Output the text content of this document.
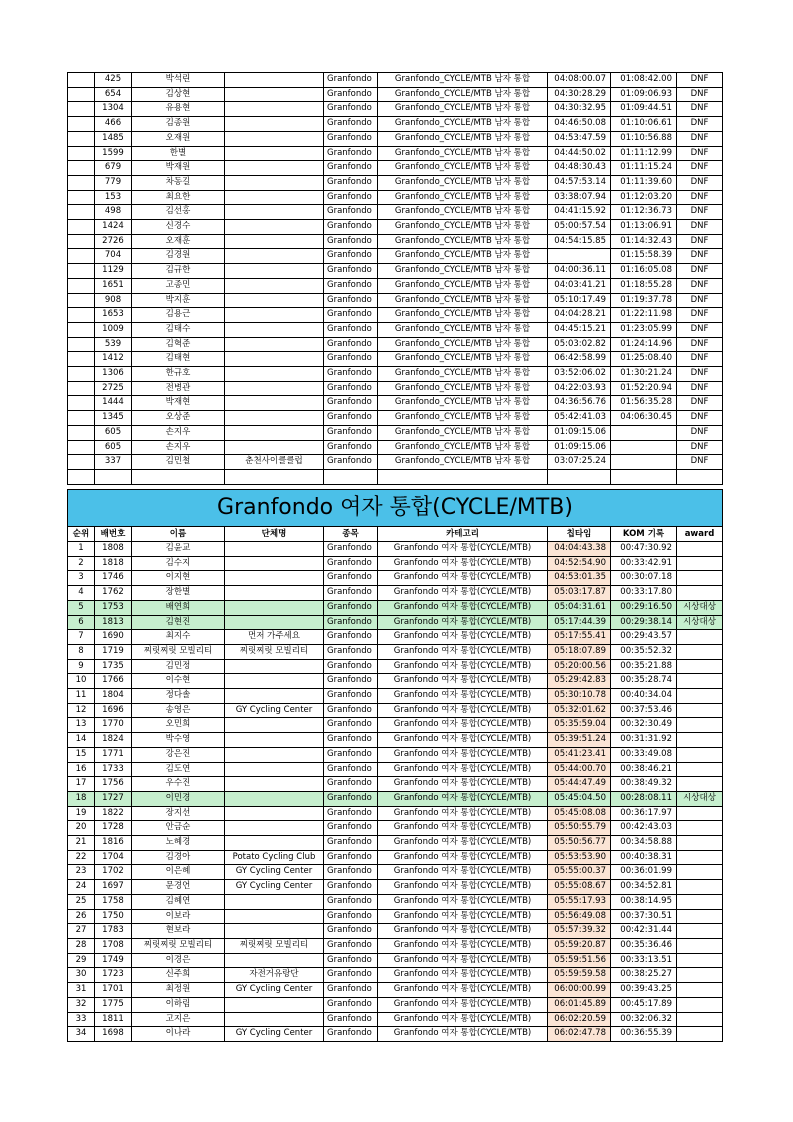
	425	박석린		Granfondo	Granfondo_CYCLE/MTB 남자 통합	04:08:00.07	01:08:42.00	DNF
	654	김상현		Granfondo	Granfondo_CYCLE/MTB 남자 통합	04:30:28.29	01:09:06.93	DNF
	1304	유용현		Granfondo	Granfondo_CYCLE/MTB 남자 통합	04:30:32.95	01:09:44.51	DNF
	466	김종원		Granfondo	Granfondo_CYCLE/MTB 남자 통합	04:46:50.08	01:10:06.61	DNF
	1485	오재원		Granfondo	Granfondo_CYCLE/MTB 남자 통합	04:53:47.59	01:10:56.88	DNF
	1599	한별		Granfondo	Granfondo_CYCLE/MTB 남자 통합	04:44:50.02	01:11:12.99	DNF
	679	박재원		Granfondo	Granfondo_CYCLE/MTB 남자 통합	04:48:30.43	01:11:15.24	DNF
	779	차동길		Granfondo	Granfondo_CYCLE/MTB 남자 통합	04:57:53.14	01:11:39.60	DNF
	153	최요한		Granfondo	Granfondo_CYCLE/MTB 남자 통합	03:38:07.94	01:12:03.20	DNF
	498	김선홍		Granfondo	Granfondo_CYCLE/MTB 남자 통합	04:41:15.92	01:12:36.73	DNF
	1424	신경수		Granfondo	Granfondo_CYCLE/MTB 남자 통합	05:00:57.54	01:13:06.91	DNF
	2726	오재훈		Granfondo	Granfondo_CYCLE/MTB 남자 통합	04:54:15.85	01:14:32.43	DNF
	704	김경원		Granfondo	Granfondo_CYCLE/MTB 남자 통합		01:15:58.39	DNF
	1129	김규한		Granfondo	Granfondo_CYCLE/MTB 남자 통합	04:00:36.11	01:16:05.08	DNF
	1651	고종민		Granfondo	Granfondo_CYCLE/MTB 남자 통합	04:03:41.21	01:18:55.28	DNF
	908	박지훈		Granfondo	Granfondo_CYCLE/MTB 남자 통합	05:10:17.49	01:19:37.78	DNF
	1653	김용근		Granfondo	Granfondo_CYCLE/MTB 남자 통합	04:04:28.21	01:22:11.98	DNF
	1009	김태수		Granfondo	Granfondo_CYCLE/MTB 남자 통합	04:45:15.21	01:23:05.99	DNF
	539	김혁준		Granfondo	Granfondo_CYCLE/MTB 남자 통합	05:03:02.82	01:24:14.96	DNF
	1412	김태현		Granfondo	Granfondo_CYCLE/MTB 남자 통합	06:42:58.99	01:25:08.40	DNF
	1306	한규호		Granfondo	Granfondo_CYCLE/MTB 남자 통합	03:52:06.02	01:30:21.24	DNF
	2725	전병관		Granfondo	Granfondo_CYCLE/MTB 남자 통합	04:22:03.93	01:52:20.94	DNF
	1444	박재현		Granfondo	Granfondo_CYCLE/MTB 남자 통합	04:36:56.76	01:56:35.28	DNF
	1345	오상준		Granfondo	Granfondo_CYCLE/MTB 남자 통합	05:42:41.03	04:06:30.45	DNF
	605	손지우		Granfondo	Granfondo_CYCLE/MTB 남자 통합	01:09:15.06		DNF
	605	손지우		Granfondo	Granfondo_CYCLE/MTB 남자 통합	01:09:15.06		DNF
	337	김민철	춘천사이클클럽	Granfondo	Granfondo_CYCLE/MTB 남자 통합	03:07:25.24		DNF

Granfondo 여자 통합(CYCLE/MTB)								
순위	배번호	이름	단체명	종목	카테고리	칩타임	KOM 기록	award
1	1808	김윤교		Granfondo	Granfondo 여자 통합(CYCLE/MTB)	04:04:43.38	00:47:30.92	
2	1818	김수지		Granfondo	Granfondo 여자 통합(CYCLE/MTB)	04:52:54.90	00:33:42.91	
3	1746	이지현		Granfondo	Granfondo 여자 통합(CYCLE/MTB)	04:53:01.35	00:30:07.18	
4	1762	장한별		Granfondo	Granfondo 여자 통합(CYCLE/MTB)	05:03:17.87	00:33:17.80	
5	1753	배연희		Granfondo	Granfondo 여자 통합(CYCLE/MTB)	05:04:31.61	00:29:16.50	시상대상
6	1813	김현진		Granfondo	Granfondo 여자 통합(CYCLE/MTB)	05:17:44.39	00:29:38.14	시상대상
7	1690	최지수	먼저 가주세요	Granfondo	Granfondo 여자 통합(CYCLE/MTB)	05:17:55.41	00:29:43.57	
8	1719	찌릿찌릿 모빌리티	찌릿찌릿 모빌리티	Granfondo	Granfondo 여자 통합(CYCLE/MTB)	05:18:07.89	00:35:52.32	
9	1735	김민정		Granfondo	Granfondo 여자 통합(CYCLE/MTB)	05:20:00.56	00:35:21.88	
10	1766	이수현		Granfondo	Granfondo 여자 통합(CYCLE/MTB)	05:29:42.83	00:35:28.74	
11	1804	정다솔		Granfondo	Granfondo 여자 통합(CYCLE/MTB)	05:30:10.78	00:40:34.04	
12	1696	송영은	GY Cycling Center	Granfondo	Granfondo 여자 통합(CYCLE/MTB)	05:32:01.62	00:37:53.46	
13	1770	오민희		Granfondo	Granfondo 여자 통합(CYCLE/MTB)	05:35:59.04	00:32:30.49	
14	1824	박수영		Granfondo	Granfondo 여자 통합(CYCLE/MTB)	05:39:51.24	00:31:31.92	
15	1771	강은진		Granfondo	Granfondo 여자 통합(CYCLE/MTB)	05:41:23.41	00:33:49.08	
16	1733	김도연		Granfondo	Granfondo 여자 통합(CYCLE/MTB)	05:44:00.70	00:38:46.21	
17	1756	우수진		Granfondo	Granfondo 여자 통합(CYCLE/MTB)	05:44:47.49	00:38:49.32	
18	1727	이민경		Granfondo	Granfondo 여자 통합(CYCLE/MTB)	05:45:04.50	00:28:08.11	시상대상
19	1822	장지선		Granfondo	Granfondo 여자 통합(CYCLE/MTB)	05:45:08.08	00:36:17.97	
20	1728	안금순		Granfondo	Granfondo 여자 통합(CYCLE/MTB)	05:50:55.79	00:42:43.03	
21	1816	노혜경		Granfondo	Granfondo 여자 통합(CYCLE/MTB)	05:50:56.77	00:34:58.88	
22	1704	김경아	Potato Cycling Club	Granfondo	Granfondo 여자 통합(CYCLE/MTB)	05:53:53.90	00:40:38.31	
23	1702	이은혜	GY Cycling Center	Granfondo	Granfondo 여자 통합(CYCLE/MTB)	05:55:00.37	00:36:01.99	
24	1697	문경언	GY Cycling Center	Granfondo	Granfondo 여자 통합(CYCLE/MTB)	05:55:08.67	00:34:52.81	
25	1758	김혜연		Granfondo	Granfondo 여자 통합(CYCLE/MTB)	05:55:17.93	00:38:14.95	
26	1750	이보라		Granfondo	Granfondo 여자 통합(CYCLE/MTB)	05:56:49.08	00:37:30.51	
27	1783	현보라		Granfondo	Granfondo 여자 통합(CYCLE/MTB)	05:57:39.32	00:42:31.44	
28	1708	찌릿찌릿 모빌리티	찌릿찌릿 모빌리티	Granfondo	Granfondo 여자 통합(CYCLE/MTB)	05:59:20.87	00:35:36.46	
29	1749	이경은		Granfondo	Granfondo 여자 통합(CYCLE/MTB)	05:59:51.56	00:33:13.51	
30	1723	신주희	자전거유랑단	Granfondo	Granfondo 여자 통합(CYCLE/MTB)	05:59:59.58	00:38:25.27	
31	1701	최정원	GY Cycling Center	Granfondo	Granfondo 여자 통합(CYCLE/MTB)	06:00:00.99	00:39:43.25	
32	1775	이하림		Granfondo	Granfondo 여자 통합(CYCLE/MTB)	06:01:45.89	00:45:17.89	
33	1811	고지은		Granfondo	Granfondo 여자 통합(CYCLE/MTB)	06:02:20.59	00:32:06.32	
34	1698	이나라	GY Cycling Center	Granfondo	Granfondo 여자 통합(CYCLE/MTB)	06:02:47.78	00:36:55.39	
